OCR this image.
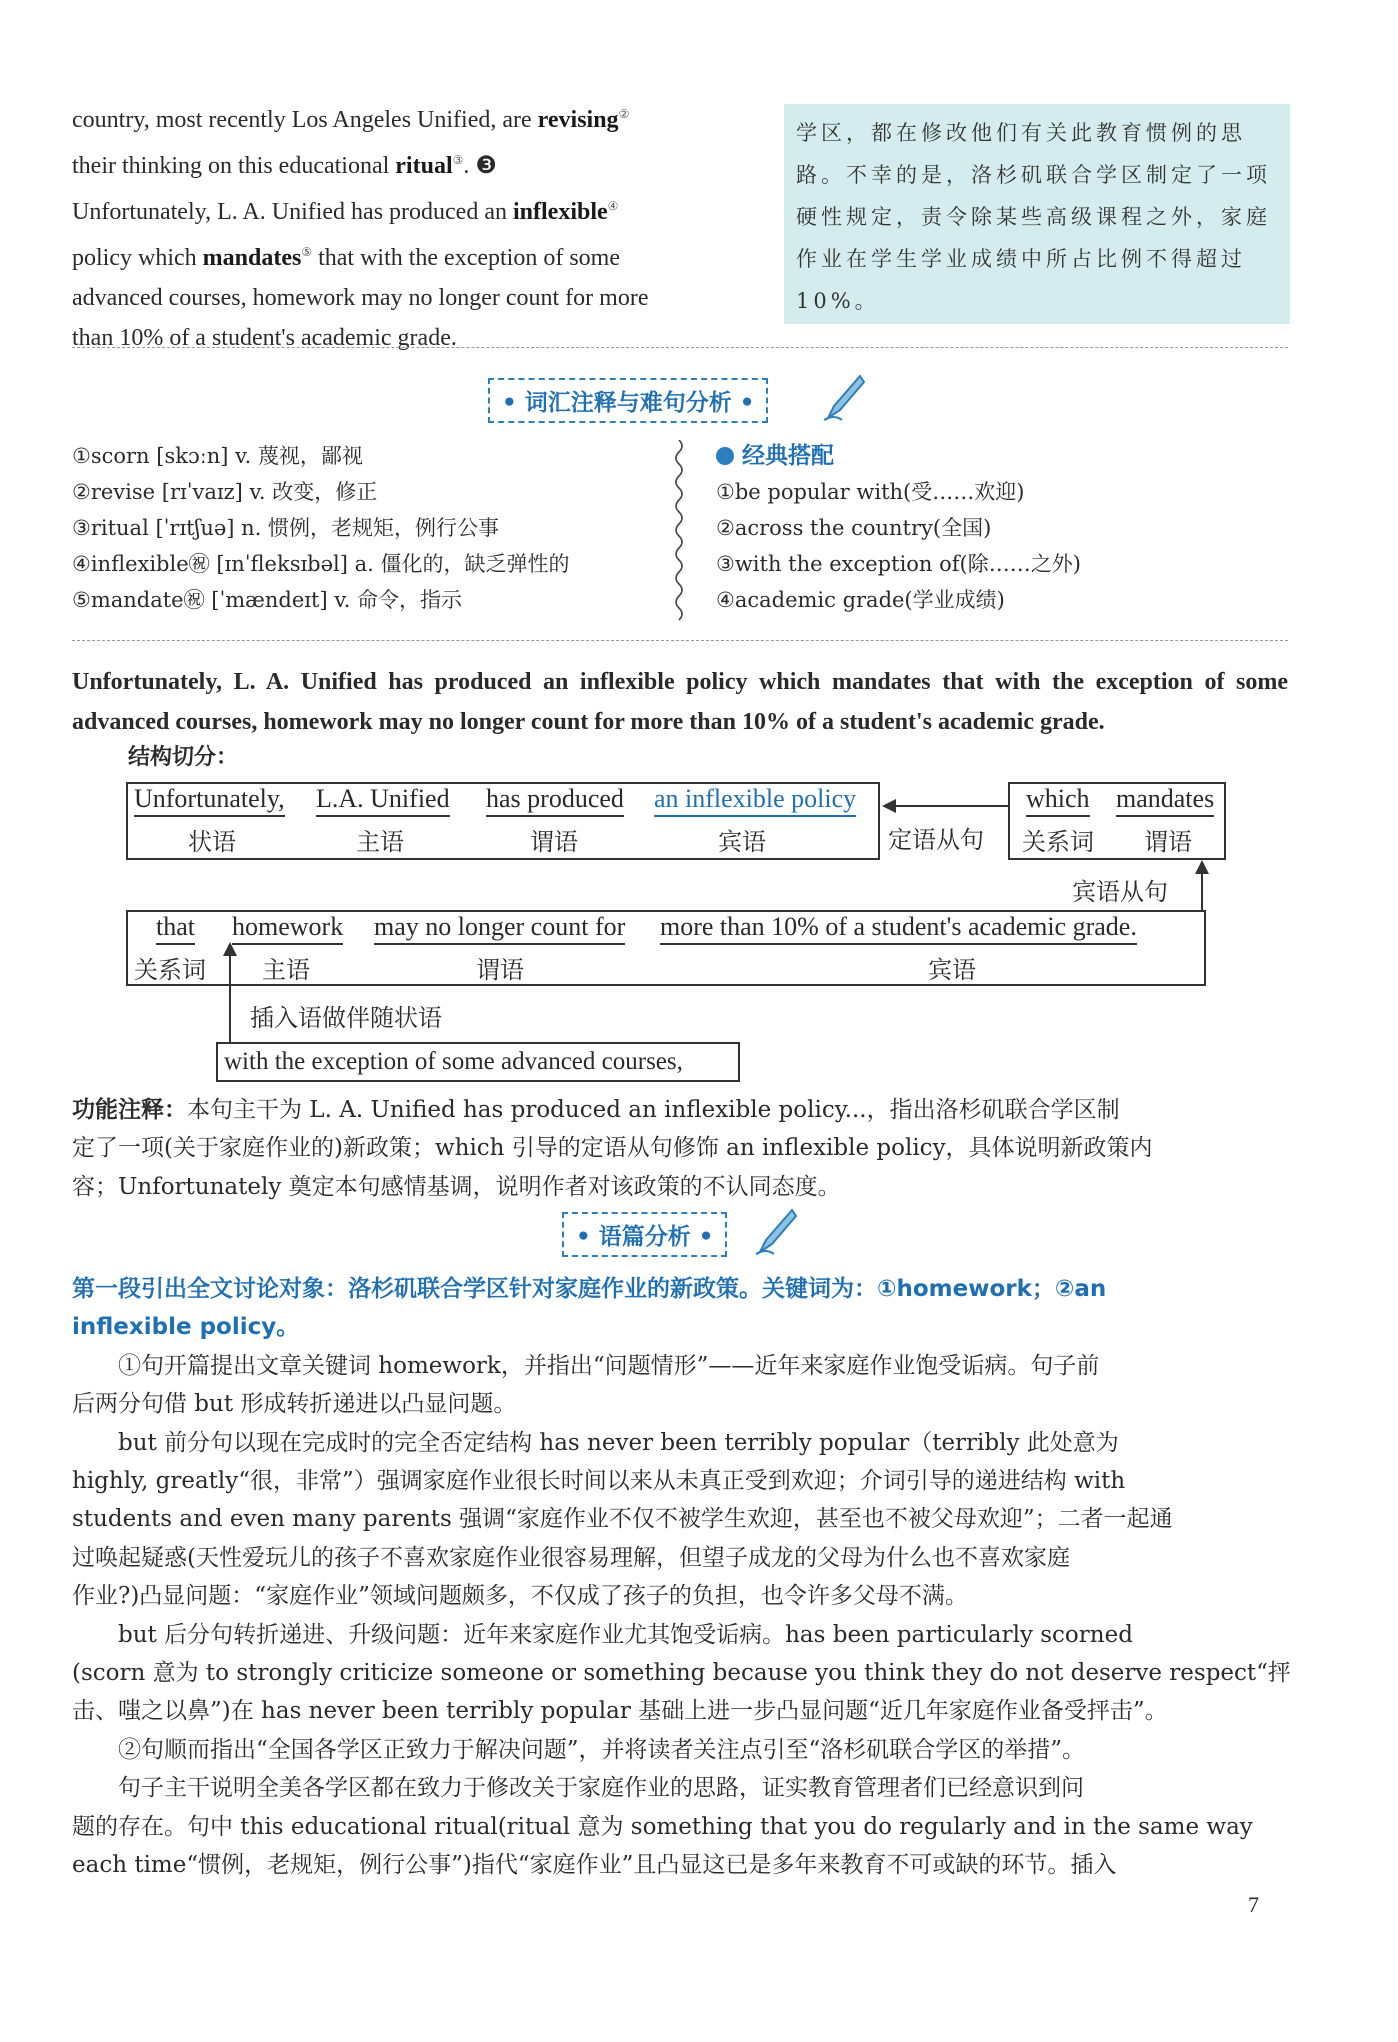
country, most recently Los Angeles Unified, are revising②
their thinking on this educational ritual③. ❸
Unfortunately, L. A. Unified has produced an inflexible④
policy which mandates⑤ that with the exception of some
advanced courses, homework may no longer count for more
than 10% of a student's academic grade.
学区，都在修改他们有关此教育惯例的思路。不幸的是，洛杉矶联合学区制定了一项硬性规定，责令除某些高级课程之外，家庭作业在学生学业成绩中所占比例不得超过10%。
• 词汇注释与难句分析 •
①scorn [skɔːn] v. 蔑视，鄙视
②revise [rɪˈvaɪz] v. 改变，修正
③ritual [ˈrɪtʃuə] n. 惯例，老规矩，例行公事
④inflexible㊗ [ɪnˈfleksɪbəl] a. 僵化的，缺乏弹性的
⑤mandate㊗ [ˈmændeɪt] v. 命令，指示
经典搭配
①be popular with(受……欢迎)
②across the country(全国)
③with the exception of(除……之外)
④academic grade(学业成绩)
Unfortunately, L. A. Unified has produced an inflexible policy which mandates that with the exception of some advanced courses, homework may no longer count for more than 10% of a student's academic grade.
结构切分：
Unfortunately,
状语
L.A. Unified
主语
has produced
谓语
an inflexible policy
宾语	定语从句
which
关系词
mandates
谓语
宾语从句
that
关系词
homework
主语
may no longer count for
谓语
more than 10% of a student's academic grade.
宾语
插入语做伴随状语
with the exception of some advanced courses,
功能注释：本句主干为 L. A. Unified has produced an inflexible policy...，指出洛杉矶联合学区制
定了一项(关于家庭作业的)新政策；which 引导的定语从句修饰 an inflexible policy，具体说明新政策内
容；Unfortunately 奠定本句感情基调，说明作者对该政策的不认同态度。
• 语篇分析 •
第一段引出全文讨论对象：洛杉矶联合学区针对家庭作业的新政策。关键词为：①homework；②an
inflexible policy。
①句开篇提出文章关键词 homework，并指出“问题情形”——近年来家庭作业饱受诟病。句子前
后两分句借 but 形成转折递进以凸显问题。
but 前分句以现在完成时的完全否定结构 has never been terribly popular（terribly 此处意为
highly, greatly“很，非常”）强调家庭作业很长时间以来从未真正受到欢迎；介词引导的递进结构 with
students and even many parents 强调“家庭作业不仅不被学生欢迎，甚至也不被父母欢迎”；二者一起通
过唤起疑惑(天性爱玩儿的孩子不喜欢家庭作业很容易理解，但望子成龙的父母为什么也不喜欢家庭
作业?)凸显问题：“家庭作业”领域问题颇多，不仅成了孩子的负担，也令许多父母不满。
but 后分句转折递进、升级问题：近年来家庭作业尤其饱受诟病。has been particularly scorned
(scorn 意为 to strongly criticize someone or something because you think they do not deserve respect“抨
击、嗤之以鼻”)在 has never been terribly popular 基础上进一步凸显问题“近几年家庭作业备受抨击”。
②句顺而指出“全国各学区正致力于解决问题”，并将读者关注点引至“洛杉矶联合学区的举措”。
句子主干说明全美各学区都在致力于修改关于家庭作业的思路，证实教育管理者们已经意识到问
题的存在。句中 this educational ritual(ritual 意为 something that you do regularly and in the same way
each time“惯例，老规矩，例行公事”)指代“家庭作业”且凸显这已是多年来教育不可或缺的环节。插入
7
